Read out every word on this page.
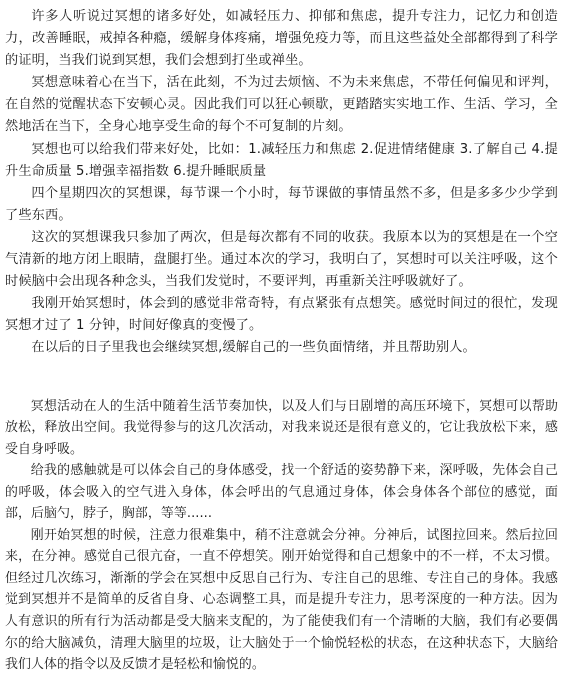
许多人听说过冥想的诸多好处，如减轻压力、抑郁和焦虑，提升专注力，记忆力和创造力，改善睡眠，戒掉各种瘾，缓解身体疼痛，增强免疫力等，而且这些益处全部都得到了科学的证明，当我们说到冥想，我们会想到打坐或禅坐。

冥想意味着心在当下，活在此刻，不为过去烦恼、不为未来焦虑，不带任何偏见和评判，在自然的觉醒状态下安顿心灵。因此我们可以狂心顿歇，更踏踏实实地工作、生活、学习，全然地活在当下，全身心地享受生命的每个不可复制的片刻。

冥想也可以给我们带来好处，比如：1.减轻压力和焦虑 2.促进情绪健康 3.了解自己 4.提升生命质量 5.增强幸福指数 6.提升睡眠质量

四个星期四次的冥想课，每节课一个小时，每节课做的事情虽然不多，但是多多少少学到了些东西。

这次的冥想课我只参加了两次，但是每次都有不同的收获。我原本以为的冥想是在一个空气清新的地方闭上眼睛，盘腿打坐。通过本次的学习，我明白了，冥想时可以关注呼吸，这个时候脑中会出现各种念头，当我们发觉时，不要评判，再重新关注呼吸就好了。

我刚开始冥想时，体会到的感觉非常奇特，有点紧张有点想笑。感觉时间过的很忙，发现冥想才过了 1 分钟，时间好像真的变慢了。

在以后的日子里我也会继续冥想,缓解自己的一些负面情绪，并且帮助别人。

冥想活动在人的生活中随着生活节奏加快，以及人们与日剧增的高压环境下，冥想可以帮助放松，释放出空间。我觉得参与的这几次活动，对我来说还是很有意义的，它让我放松下来，感受自身呼吸。

给我的感触就是可以体会自己的身体感受，找一个舒适的姿势静下来，深呼吸，先体会自己的呼吸，体会吸入的空气进入身体，体会呼出的气息通过身体，体会身体各个部位的感觉，面部，后脑勺，脖子，胸部，等等......

刚开始冥想的时候，注意力很难集中，稍不注意就会分神。分神后，试图拉回来。然后拉回来，在分神。感觉自己很亢奋，一直不停想笑。刚开始觉得和自己想象中的不一样，不太习惯。但经过几次练习，渐渐的学会在冥想中反思自己行为、专注自己的思维、专注自己的身体。我感觉到冥想并不是简单的反省自身、心态调整工具，而是提升专注力，思考深度的一种方法。因为人有意识的所有行为活动都是受大脑来支配的，为了能使我们有一个清晰的大脑，我们有必要偶尔的给大脑减负，清理大脑里的垃圾，让大脑处于一个愉悦轻松的状态，在这种状态下，大脑给我们人体的指令以及反馈才是轻松和愉悦的。
